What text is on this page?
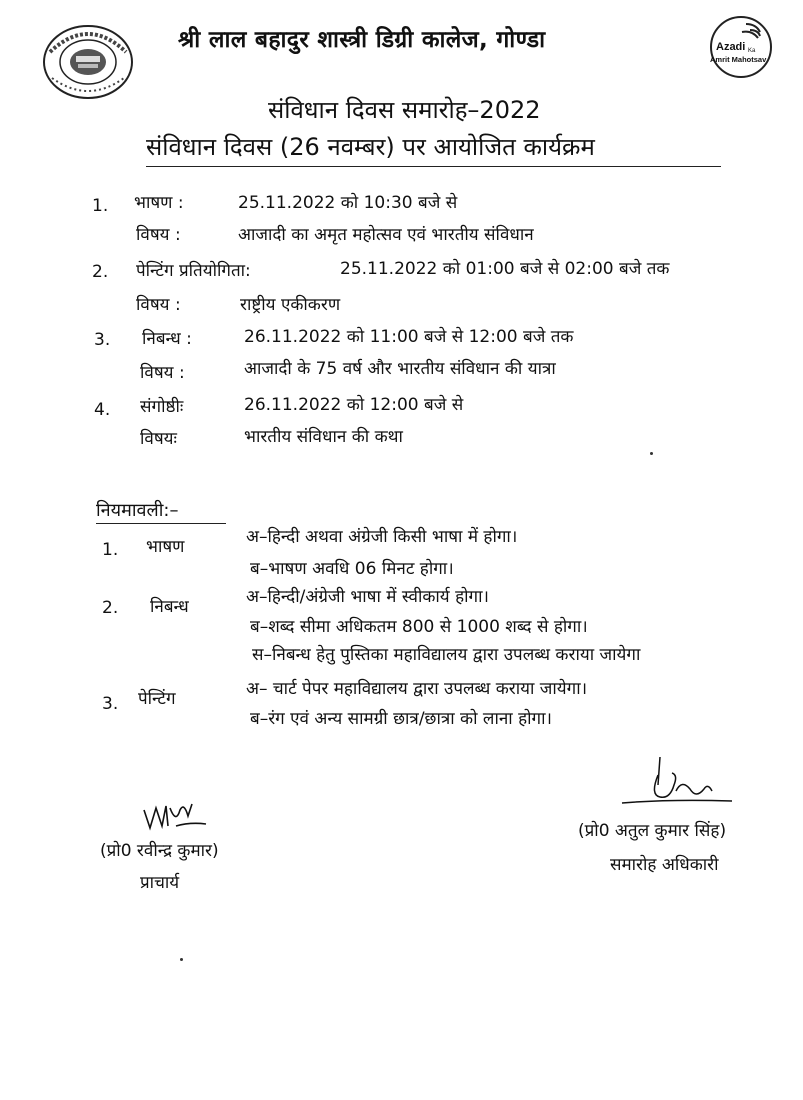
श्री लाल बहादुर शास्त्री डिग्री कालेज, गोण्डा	Azadi Ka
Amrit Mahotsav
संविधान दिवस समारोह–2022
संविधान दिवस (26 नवम्बर) पर आयोजित कार्यक्रम
1. भाषण :	25.11.2022 को 10:30 बजे से
विषय :	आजादी का अमृत महोत्सव एवं भारतीय संविधान
2. पेन्टिंग प्रतियोगिता:	25.11.2022 को 01:00 बजे से 02:00 बजे तक
विषय :	राष्ट्रीय एकीकरण
3. निबन्ध :	26.11.2022 को 11:00 बजे से 12:00 बजे तक
विषय :	आजादी के 75 वर्ष और भारतीय संविधान की यात्रा
4. संगोष्ठीः	26.11.2022 को 12:00 बजे से
विषयः	भारतीय संविधान की कथा
नियमावली:–
1. भाषण	अ–हिन्दी अथवा अंग्रेजी किसी भाषा में होगा।
ब–भाषण अवधि 06 मिनट होगा।
2. निबन्ध	अ–हिन्दी/अंग्रेजी भाषा में स्वीकार्य होगा।
ब–शब्द सीमा अधिकतम 800 से 1000 शब्द से होगा।
स–निबन्ध हेतु पुस्तिका महाविद्यालय द्वारा उपलब्ध कराया जायेगा
3. पेन्टिंग	अ– चार्ट पेपर महाविद्यालय द्वारा उपलब्ध कराया जायेगा।
ब–रंग एवं अन्य सामग्री छात्र/छात्रा को लाना होगा।
(प्रो0 रवीन्द्र कुमार)
प्राचार्य
(प्रो0 अतुल कुमार सिंह)
समारोह अधिकारी
